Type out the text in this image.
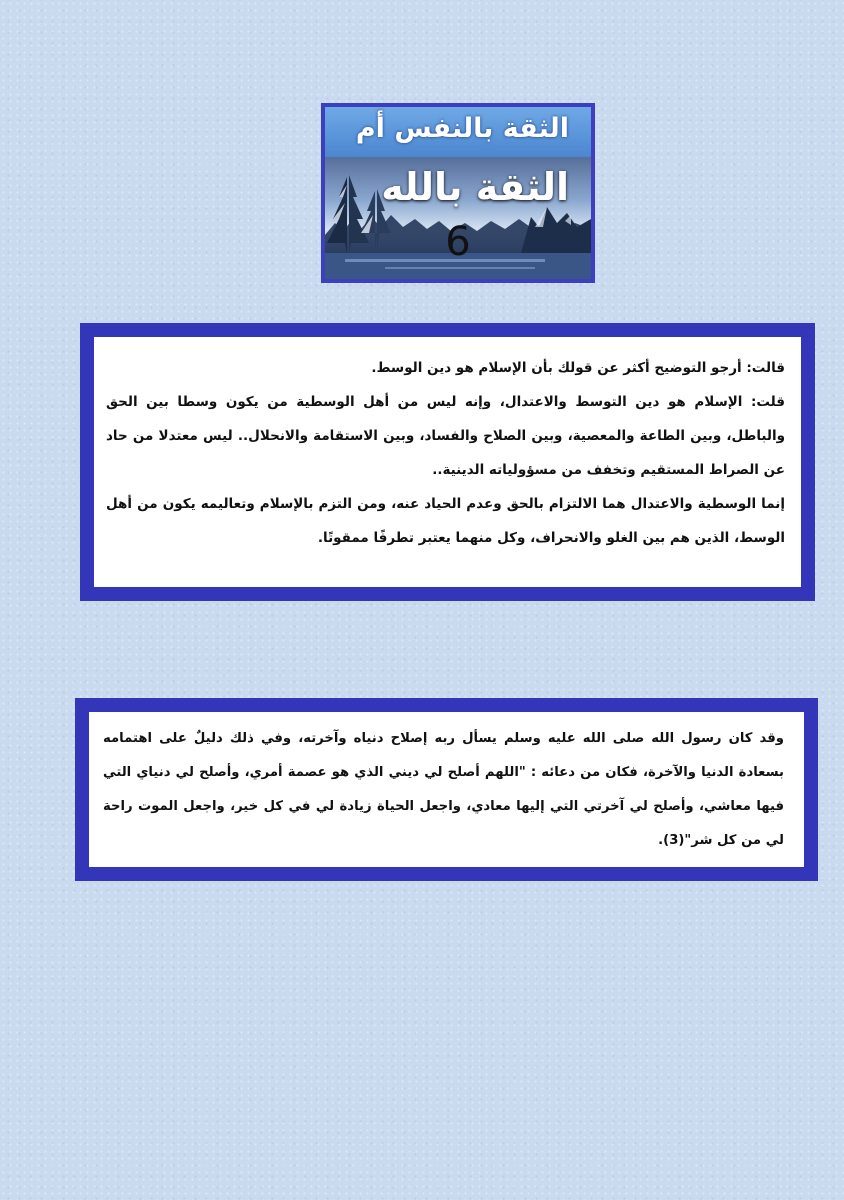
الثقة بالنفس أم
الثقة بالله
6

قالت: أرجو التوضيح أكثر عن قولك بأن الإسلام هو دين الوسط.

قلت: الإسلام هو دين التوسط والاعتدال، وإنه ليس من أهل الوسطية من يكون وسطا بين الحق والباطل، وبين الطاعة والمعصية، وبين الصلاح والفساد، وبين الاستقامة والانحلال.. ليس معتدلا من حاد عن الصراط المستقيم وتخفف من مسؤولياته الدينية..

إنما الوسطية والاعتدال هما الالتزام بالحق وعدم الحياد عنه، ومن التزم بالإسلام وتعاليمه يكون من أهل الوسط، الذين هم بين الغلو والانحراف، وكل منهما يعتبر تطرفًا ممقوتًا.

وقد كان رسول الله صلى الله عليه وسلم يسأل ربه إصلاح دنياه وآخرته، وفي ذلك دليلٌ على اهتمامه بسعادة الدنيا والآخرة، فكان من دعائه : "اللهم أصلح لي ديني الذي هو عصمة أمري، وأصلح لي دنياي التي فيها معاشي، وأصلح لي آخرتي التي إليها معادي، واجعل الحياة زيادة لي في كل خير، واجعل الموت راحة لي من كل شر"(3).
